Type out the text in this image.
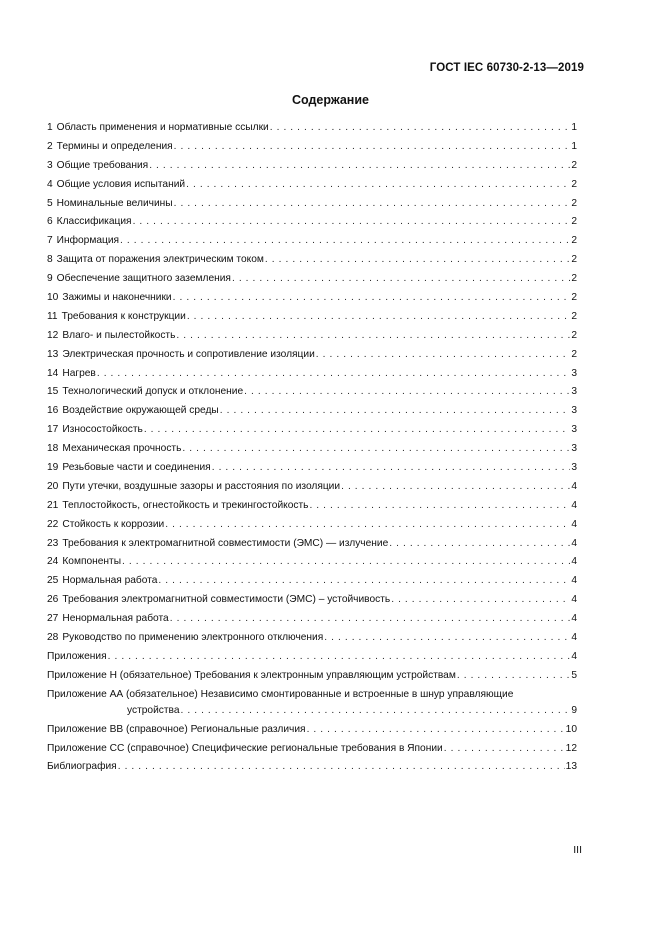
ГОСТ IEC 60730-2-13—2019
Содержание
1 Область применения и нормативные ссылки . . .	1
2 Термины и определения . . .	1
3 Общие требования . . .	2
4 Общие условия испытаний . . .	2
5 Номинальные величины . . .	2
6 Классификация . . .	2
7 Информация . . .	2
8 Защита от поражения электрическим током . . .	2
9 Обеспечение защитного заземления . . .	2
10 Зажимы и наконечники . . .	2
11 Требования к конструкции . . .	2
12 Влаго- и пылестойкость . . .	2
13 Электрическая прочность и сопротивление изоляции . . .	2
14 Нагрев . . .	3
15 Технологический допуск и отклонение . . .	3
16 Воздействие окружающей среды . . .	3
17 Износостойкость . . .	3
18 Механическая прочность . . .	3
19 Резьбовые части и соединения . . .	3
20 Пути утечки, воздушные зазоры и расстояния по изоляции . . .	4
21 Теплостойкость, огнестойкость и трекингостойкость . . .	4
22 Стойкость к коррозии . . .	4
23 Требования к электромагнитной совместимости (ЭМС) — излучение . . .	4
24 Компоненты . . .	4
25 Нормальная работа . . .	4
26 Требования электромагнитной совместимости (ЭМС) – устойчивость . . .	4
27 Ненормальная работа . . .	4
28 Руководство по применению электронного отключения . . .	4
Приложения . . .	4
Приложение H (обязательное) Требования к электронным управляющим устройствам . . .	5
Приложение АА (обязательное) Независимо смонтированные и встроенные в шнур управляющие
устройства . . .	9
Приложение ВВ (справочное) Региональные различия . . .	10
Приложение СС (справочное) Специфические региональные требования в Японии . . .	12
Библиография . . .	13
III
